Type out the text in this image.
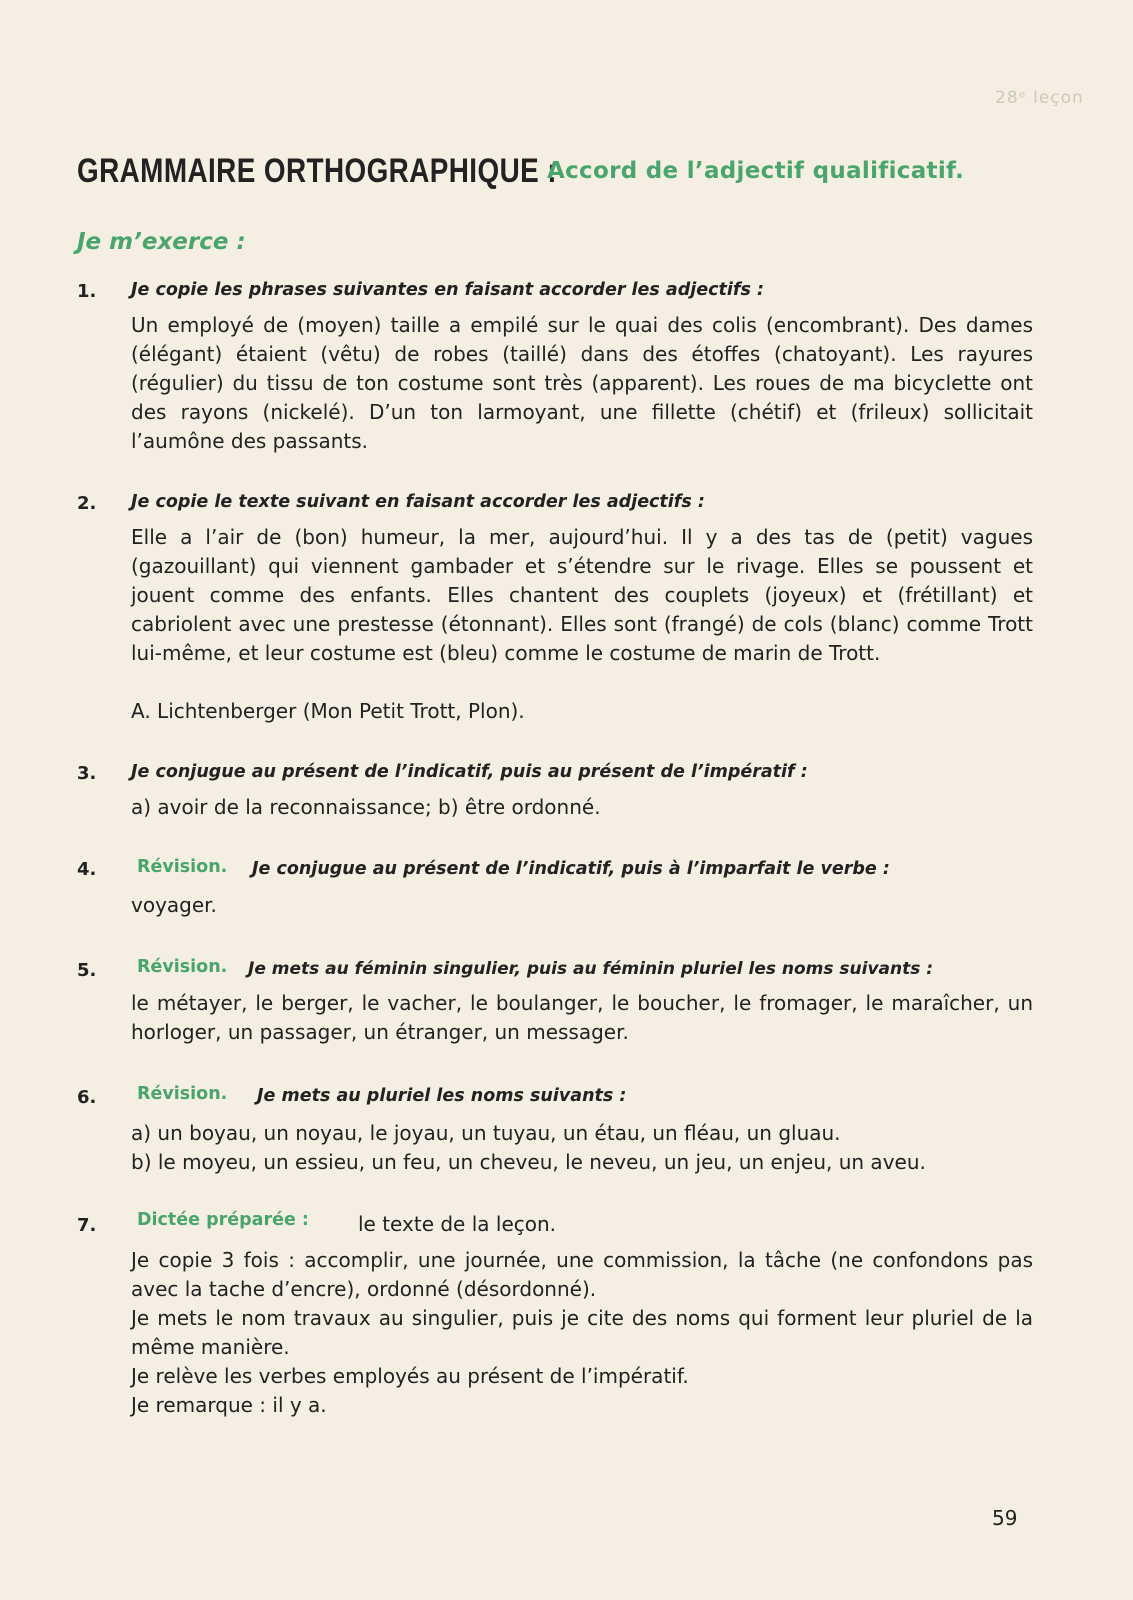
28ᵉ leçon
GRAMMAIRE ORTHOGRAPHIQUE :
Accord de l’adjectif qualificatif.
Je m’exerce :
1. Je copie les phrases suivantes en faisant accorder les adjectifs :
Un employé de (moyen) taille a empilé sur le quai des colis (encombrant). Des dames (élégant) étaient (vêtu) de robes (taillé) dans des étoffes (chatoyant). Les rayures (régulier) du tissu de ton costume sont très (apparent). Les roues de ma bicyclette ont des rayons (nickelé). D’un ton larmoyant, une fillette (chétif) et (frileux) sollicitait l’aumône des passants.
2. Je copie le texte suivant en faisant accorder les adjectifs :
Elle a l’air de (bon) humeur, la mer, aujourd’hui. Il y a des tas de (petit) vagues (gazouillant) qui viennent gambader et s’étendre sur le rivage. Elles se poussent et jouent comme des enfants. Elles chantent des couplets (joyeux) et (frétillant) et cabriolent avec une prestesse (étonnant). Elles sont (frangé) de cols (blanc) comme Trott lui-même, et leur costume est (bleu) comme le costume de marin de Trott.
A. Lichtenberger (Mon Petit Trott, Plon).
3. Je conjugue au présent de l’indicatif, puis au présent de l’impératif :
a) avoir de la reconnaissance; b) être ordonné.
4. Révision. Je conjugue au présent de l’indicatif, puis à l’imparfait le verbe :
voyager.
5. Révision. Je mets au féminin singulier, puis au féminin pluriel les noms suivants :
le métayer, le berger, le vacher, le boulanger, le boucher, le fromager, le maraîcher, un horloger, un passager, un étranger, un messager.
6. Révision. Je mets au pluriel les noms suivants :
a) un boyau, un noyau, le joyau, un tuyau, un étau, un fléau, un gluau.
b) le moyeu, un essieu, un feu, un cheveu, le neveu, un jeu, un enjeu, un aveu.
7. Dictée préparée : le texte de la leçon.
Je copie 3 fois : accomplir, une journée, une commission, la tâche (ne confondons pas avec la tache d’encre), ordonné (désordonné).
Je mets le nom travaux au singulier, puis je cite des noms qui forment leur pluriel de la même manière.
Je relève les verbes employés au présent de l’impératif.
Je remarque : il y a.
59
